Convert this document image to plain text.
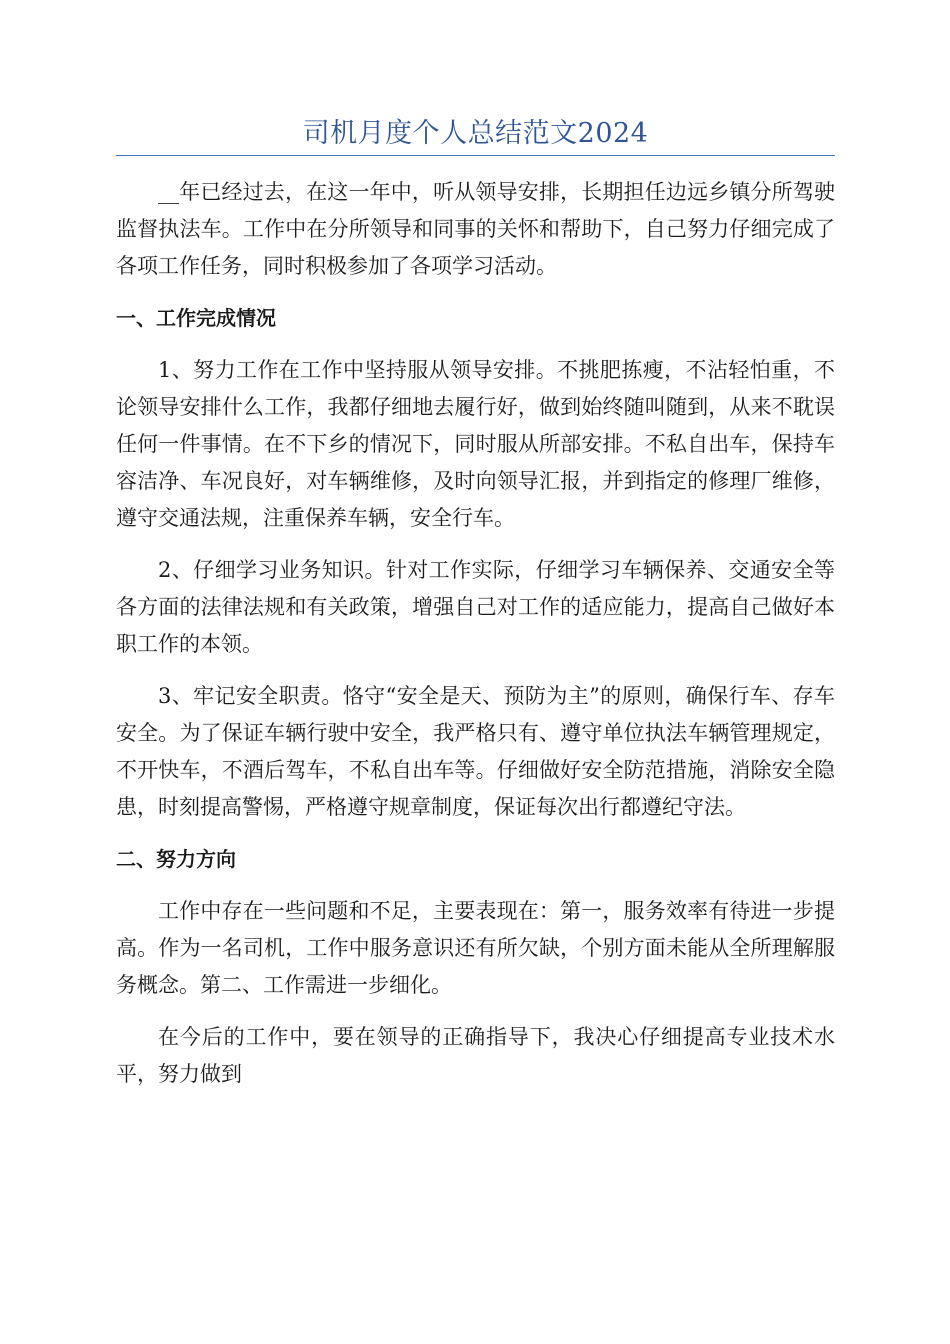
司机月度个人总结范文2024

__年已经过去，在这一年中，听从领导安排，长期担任边远乡镇分所驾驶监督执法车。工作中在分所领导和同事的关怀和帮助下，自己努力仔细完成了各项工作任务，同时积极参加了各项学习活动。

一、工作完成情况

1、努力工作在工作中坚持服从领导安排。不挑肥拣瘦，不沾轻怕重，不论领导安排什么工作，我都仔细地去履行好，做到始终随叫随到，从来不耽误任何一件事情。在不下乡的情况下，同时服从所部安排。不私自出车，保持车容洁净、车况良好，对车辆维修，及时向领导汇报，并到指定的修理厂维修，遵守交通法规，注重保养车辆，安全行车。

2、仔细学习业务知识。针对工作实际，仔细学习车辆保养、交通安全等各方面的法律法规和有关政策，增强自己对工作的适应能力，提高自己做好本职工作的本领。

3、牢记安全职责。恪守“安全是天、预防为主”的原则，确保行车、存车安全。为了保证车辆行驶中安全，我严格只有、遵守单位执法车辆管理规定，不开快车，不酒后驾车，不私自出车等。仔细做好安全防范措施，消除安全隐患，时刻提高警惕，严格遵守规章制度，保证每次出行都遵纪守法。

二、努力方向

工作中存在一些问题和不足，主要表现在：第一，服务效率有待进一步提高。作为一名司机，工作中服务意识还有所欠缺，个别方面未能从全所理解服务概念。第二、工作需进一步细化。

在今后的工作中，要在领导的正确指导下，我决心仔细提高专业技术水平，努力做到
